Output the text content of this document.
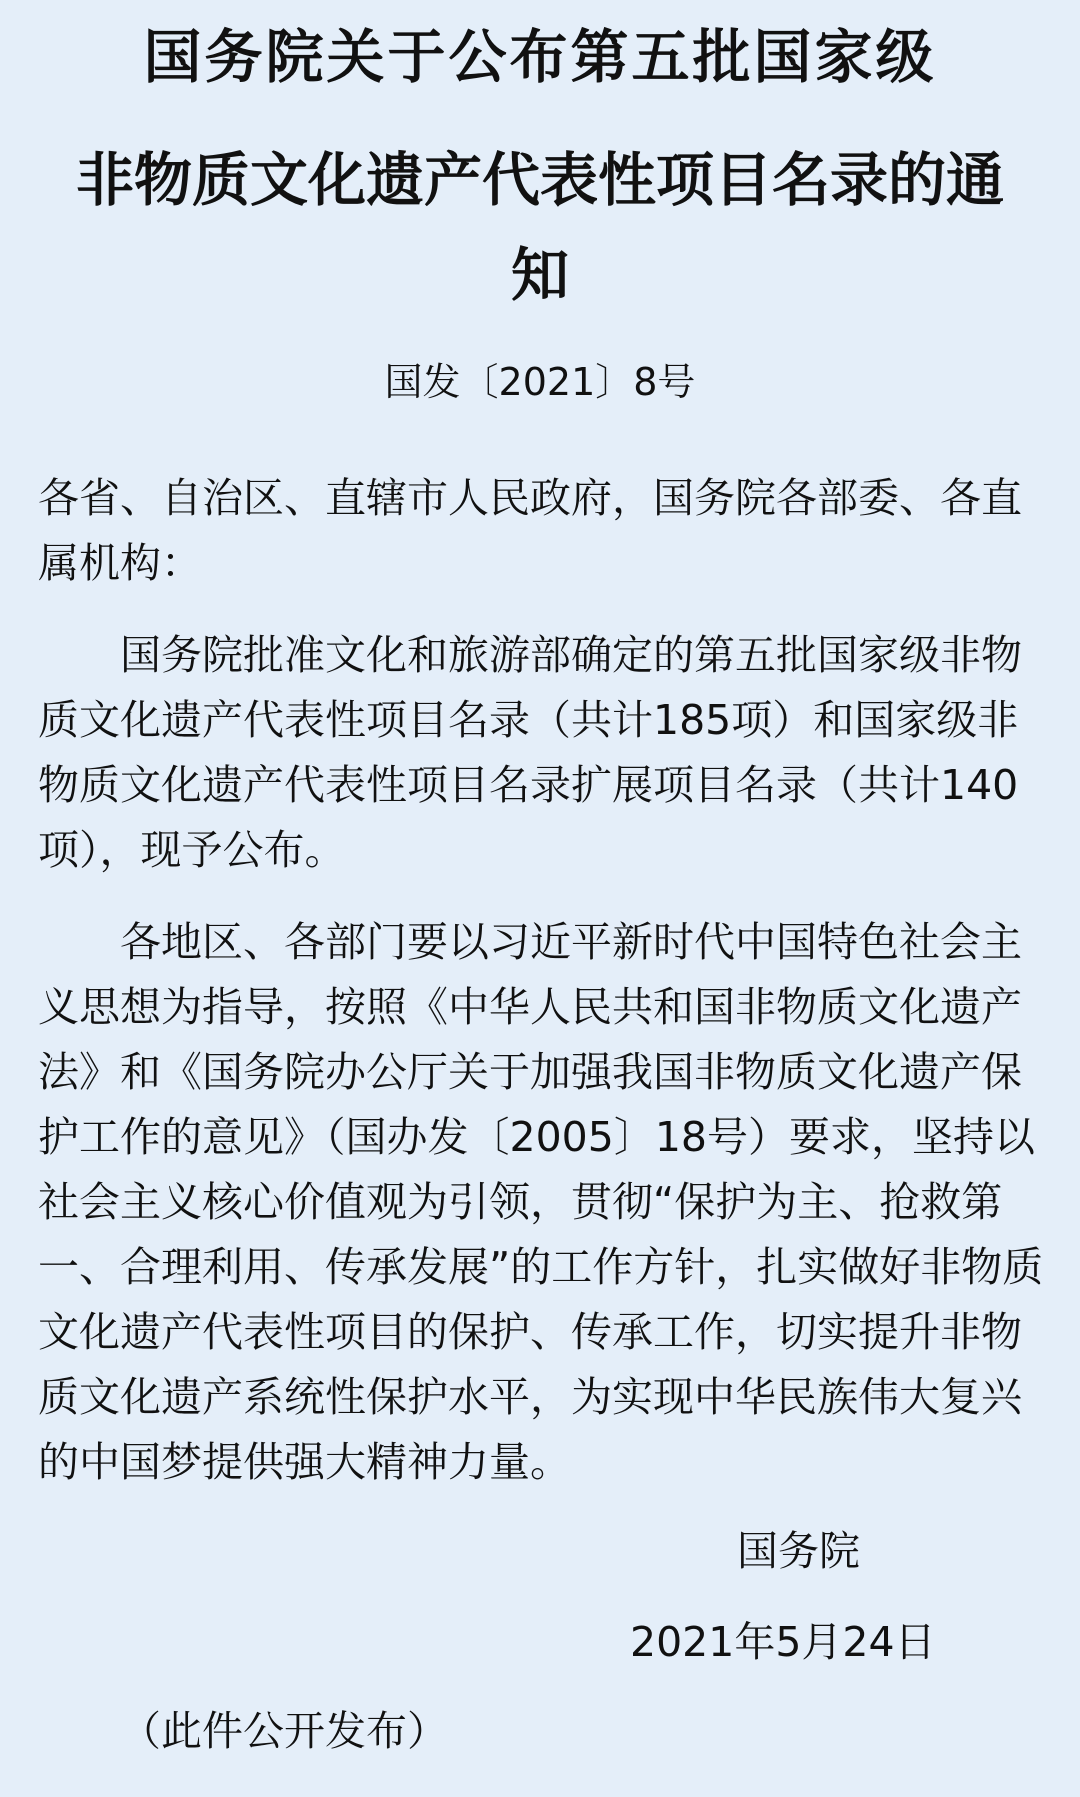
国务院关于公布第五批国家级
非物质文化遗产代表性项目名录的通
知
国发〔2021〕8号
各省、自治区、直辖市人民政府，国务院各部委、各直
属机构：
　　国务院批准文化和旅游部确定的第五批国家级非物
质文化遗产代表性项目名录（共计185项）和国家级非
物质文化遗产代表性项目名录扩展项目名录（共计140
项），现予公布。
　　各地区、各部门要以习近平新时代中国特色社会主
义思想为指导，按照《中华人民共和国非物质文化遗产
法》和《国务院办公厅关于加强我国非物质文化遗产保
护工作的意见》（国办发〔2005〕18号）要求，坚持以
社会主义核心价值观为引领，贯彻“保护为主、抢救第
一、合理利用、传承发展”的工作方针，扎实做好非物质
文化遗产代表性项目的保护、传承工作，切实提升非物
质文化遗产系统性保护水平，为实现中华民族伟大复兴
的中国梦提供强大精神力量。
国务院
2021年5月24日
（此件公开发布）
